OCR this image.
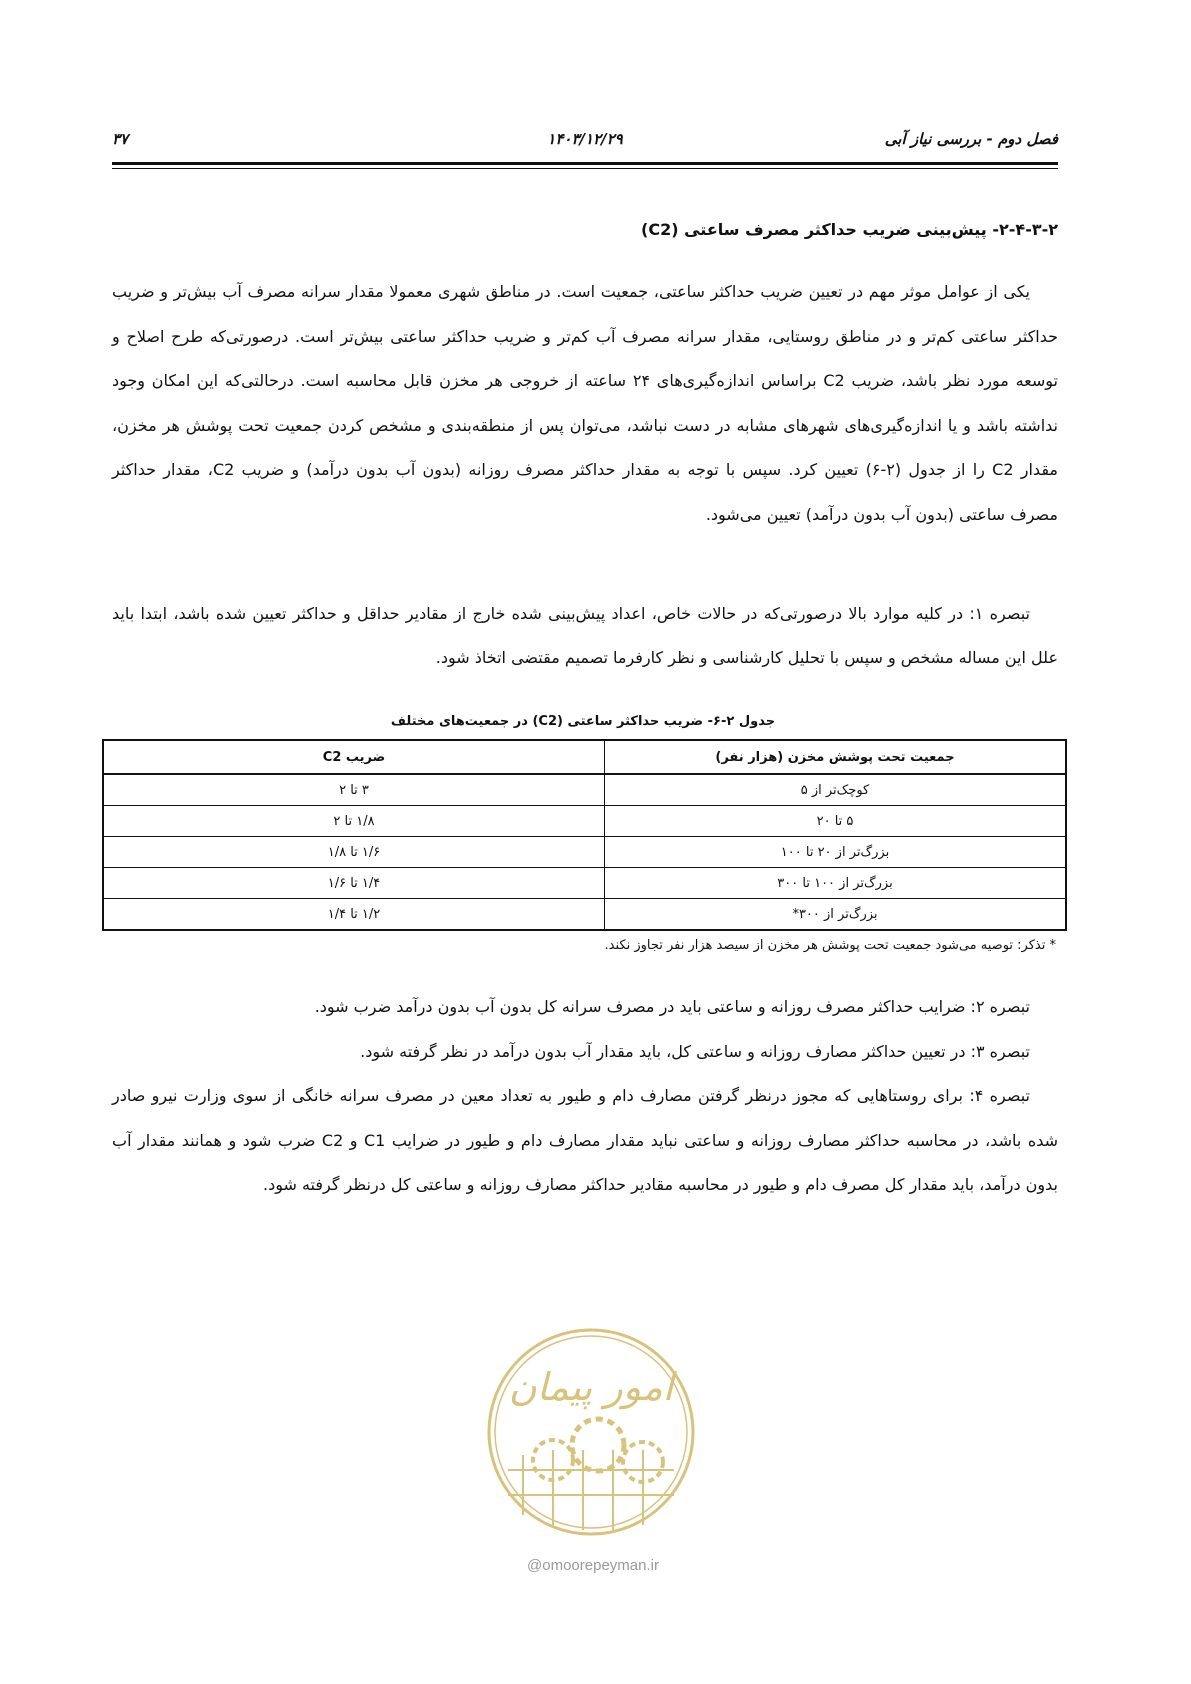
فصل دوم - بررسی نیاز آبی
۱۴۰۳/۱۲/۲۹
۳۷
۲-۴-۳-۲- پیش‌بینی ضریب حداکثر مصرف ساعتی (C2)

یکی از عوامل موثر مهم در تعیین ضریب حداکثر ساعتی، جمعیت است. در مناطق شهری معمولا مقدار سرانه مصرف آب بیش‌تر و ضریب حداکثر ساعتی کم‌تر و در مناطق روستایی، مقدار سرانه مصرف آب کم‌تر و ضریب حداکثر ساعتی بیش‌تر است. درصورتی‌که طرح اصلاح و توسعه مورد نظر باشد، ضریب C2 براساس اندازه‌گیری‌های ۲۴ ساعته از خروجی هر مخزن قابل محاسبه است. درحالتی‌که این امکان وجود نداشته باشد و یا اندازه‌گیری‌های شهرهای مشابه در دست نباشد، می‌توان پس از منطقه‌بندی و مشخص کردن جمعیت تحت پوشش هر مخزن، مقدار C2 را از جدول (۲-۶) تعیین کرد. سپس با توجه به مقدار حداکثر مصرف روزانه (بدون آب بدون درآمد) و ضریب C2، مقدار حداکثر مصرف ساعتی (بدون آب بدون درآمد) تعیین می‌شود.

تبصره ۱: در کلیه موارد بالا درصورتی‌که در حالات خاص، اعداد پیش‌بینی شده خارج از مقادیر حداقل و حداکثر تعیین شده باشد، ابتدا باید علل این مساله مشخص و سپس با تحلیل کارشناسی و نظر کارفرما تصمیم مقتضی اتخاذ شود.

جدول ۲-۶- ضریب حداکثر ساعتی (C2) در جمعیت‌های مختلف
جمعیت تحت پوشش مخزن (هزار نفر)	ضریب C2
کوچک‌تر از ۵	۳ تا ۲
۵ تا ۲۰	۱/۸ تا ۲
بزرگ‌تر از ۲۰ تا ۱۰۰	۱/۶ تا ۱/۸
بزرگ‌تر از ۱۰۰ تا ۳۰۰	۱/۴ تا ۱/۶
بزرگ‌تر از ۳۰۰*	۱/۲ تا ۱/۴
* تذکر: توصیه می‌شود جمعیت تحت پوشش هر مخزن از سیصد هزار نفر تجاوز نکند.

تبصره ۲: ضرایب حداکثر مصرف روزانه و ساعتی باید در مصرف سرانه کل بدون آب بدون درآمد ضرب شود.

تبصره ۳: در تعیین حداکثر مصارف روزانه و ساعتی کل، باید مقدار آب بدون درآمد در نظر گرفته شود.

تبصره ۴: برای روستاهایی که مجوز درنظر گرفتن مصارف دام و طیور به تعداد معین در مصرف سرانه خانگی از سوی وزارت نیرو صادر شده باشد، در محاسبه حداکثر مصارف روزانه و ساعتی نباید مقدار مصارف دام و طیور در ضرایب C1 و C2 ضرب شود و همانند مقدار آب بدون درآمد، باید مقدار کل مصرف دام و طیور در محاسبه مقادیر حداکثر مصارف روزانه و ساعتی کل درنظر گرفته شود.

امور پیمان
@omoorepeyman.ir
